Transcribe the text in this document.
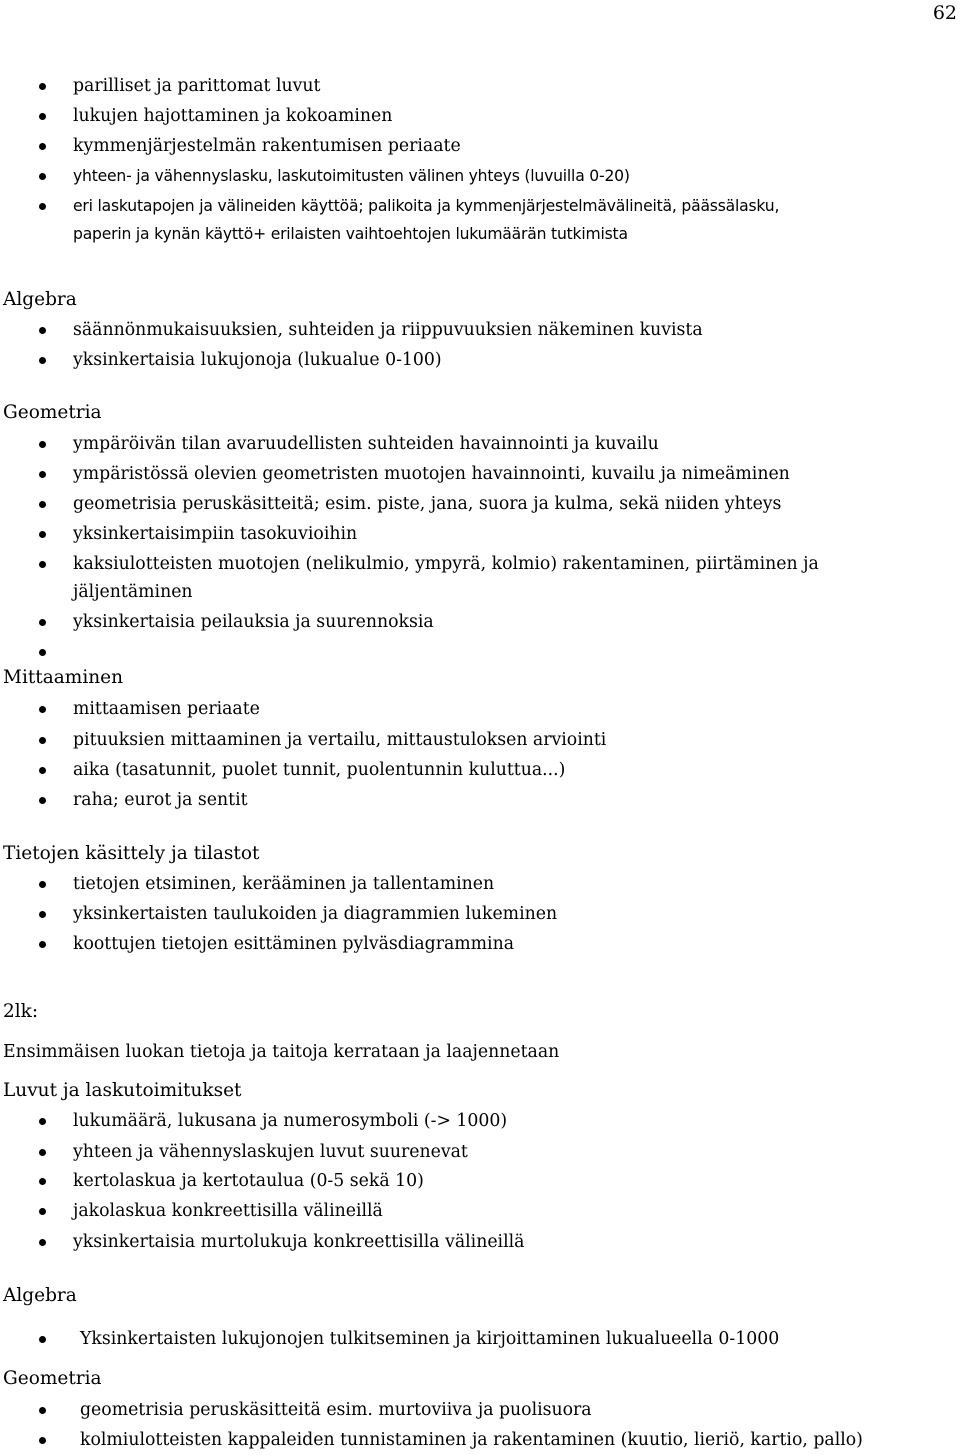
62
parilliset ja parittomat luvut
lukujen hajottaminen ja kokoaminen
kymmenjärjestelmän rakentumisen periaate
yhteen- ja vähennyslasku, laskutoimitusten välinen yhteys (luvuilla 0-20)
eri laskutapojen ja välineiden käyttöä; palikoita ja kymmenjärjestelmävälineitä, päässälasku,
paperin ja kynän käyttö+ erilaisten vaihtoehtojen lukumäärän tutkimista
Algebra
säännönmukaisuuksien, suhteiden ja riippuvuuksien näkeminen kuvista
yksinkertaisia lukujonoja (lukualue 0-100)
Geometria
ympäröivän tilan avaruudellisten suhteiden havainnointi ja kuvailu
ympäristössä olevien geometristen muotojen havainnointi, kuvailu ja nimeäminen
geometrisia peruskäsitteitä; esim. piste, jana, suora ja kulma, sekä niiden yhteys
yksinkertaisimpiin tasokuvioihin
kaksiulotteisten muotojen (nelikulmio, ympyrä, kolmio) rakentaminen, piirtäminen ja
jäljentäminen
yksinkertaisia peilauksia ja suurennoksia
Mittaaminen
mittaamisen periaate
pituuksien mittaaminen ja vertailu, mittaustuloksen arviointi
aika (tasatunnit, puolet tunnit, puolentunnin kuluttua...)
raha; eurot ja sentit
Tietojen käsittely ja tilastot
tietojen etsiminen, kerääminen ja tallentaminen
yksinkertaisten taulukoiden ja diagrammien lukeminen
koottujen tietojen esittäminen pylväsdiagrammina
2lk:
Ensimmäisen luokan tietoja ja taitoja kerrataan ja laajennetaan
Luvut ja laskutoimitukset
lukumäärä, lukusana ja numerosymboli (-> 1000)
yhteen ja vähennyslaskujen luvut suurenevat
kertolaskua ja kertotaulua (0-5 sekä 10)
jakolaskua konkreettisilla välineillä
yksinkertaisia murtolukuja konkreettisilla välineillä
Algebra
Yksinkertaisten lukujonojen tulkitseminen ja kirjoittaminen lukualueella 0-1000
Geometria
geometrisia peruskäsitteitä esim. murtoviiva ja puolisuora
kolmiulotteisten kappaleiden tunnistaminen ja rakentaminen (kuutio, lieriö, kartio, pallo)
